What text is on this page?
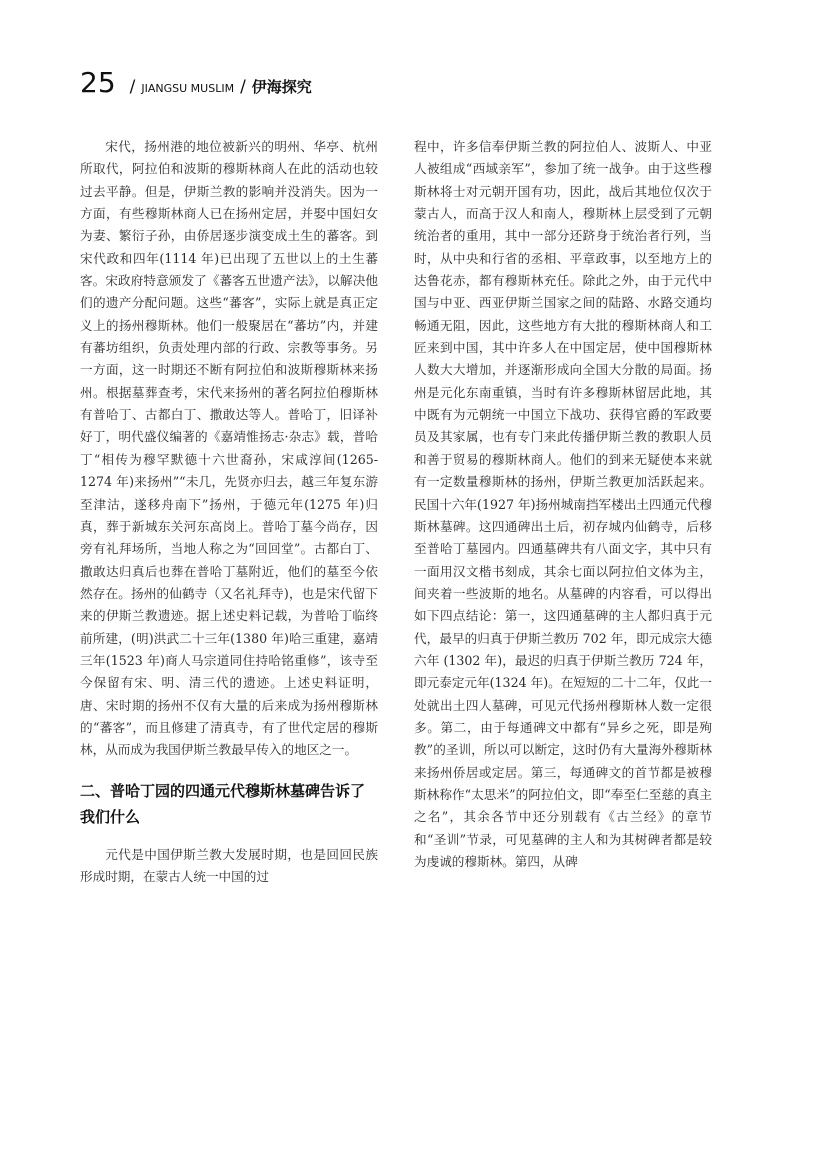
25 / JIANGSU MUSLIM / 伊海探究

宋代，扬州港的地位被新兴的明州、华亭、杭州所取代，阿拉伯和波斯的穆斯林商人在此的活动也较过去平静。但是，伊斯兰教的影响并没消失。因为一方面，有些穆斯林商人已在扬州定居，并娶中国妇女为妻、繁衍子孙，由侨居逐步演变成土生的蕃客。到宋代政和四年(1114 年)已出现了五世以上的土生蕃客。宋政府特意颁发了《蕃客五世遗产法》，以解决他们的遗产分配问题。这些“蕃客”，实际上就是真正定义上的扬州穆斯林。他们一般聚居在“蕃坊”内，并建有蕃坊组织，负责处理内部的行政、宗教等事务。另一方面，这一时期还不断有阿拉伯和波斯穆斯林来扬州。根据墓葬查考，宋代来扬州的著名阿拉伯穆斯林有普哈丁、古都白丁、撒敢达等人。普哈丁，旧译补好丁，明代盛仪编著的《嘉靖惟扬志·杂志》载，普哈丁“相传为穆罕默德十六世裔孙，宋咸淳间(1265- 1274 年)来扬州”“未几，先贤亦归去，越三年复东游至津沽，遂移舟南下”扬州，于德元年(1275 年)归真，葬于新城东关河东高岗上。普哈丁墓今尚存，因旁有礼拜场所，当地人称之为“回回堂”。古都白丁、撒敢达归真后也葬在普哈丁墓附近，他们的墓至今依然存在。扬州的仙鹤寺（又名礼拜寺)，也是宋代留下来的伊斯兰教遗迹。据上述史料记载，为普哈丁临终前所建，(明)洪武二十三年(1380 年)哈三重建，嘉靖三年(1523 年)商人马宗道同住持哈铭重修”，该寺至今保留有宋、明、清三代的遗迹。上述史料证明，唐、宋时期的扬州不仅有大量的后来成为扬州穆斯林的“蕃客”，而且修建了清真寺，有了世代定居的穆斯林，从而成为我国伊斯兰教最早传入的地区之一。

二、普哈丁园的四通元代穆斯林墓碑告诉了我们什么

元代是中国伊斯兰教大发展时期，也是回回民族形成时期，在蒙古人统一中国的过

程中，许多信奉伊斯兰教的阿拉伯人、波斯人、中亚人被组成“西域亲军”，参加了统一战争。由于这些穆斯林将士对元朝开国有功，因此，战后其地位仅次于蒙古人，而高于汉人和南人，穆斯林上层受到了元朝统治者的重用，其中一部分还跻身于统治者行列，当时，从中央和行省的丞相、平章政事，以至地方上的达鲁花赤，都有穆斯林充任。除此之外，由于元代中国与中亚、西亚伊斯兰国家之间的陆路、水路交通均畅通无阻，因此，这些地方有大批的穆斯林商人和工匠来到中国，其中许多人在中国定居，使中国穆斯林人数大大增加，并逐渐形成向全国大分散的局面。扬州是元化东南重镇，当时有许多穆斯林留居此地，其中既有为元朝统一中国立下战功、获得官爵的军政要员及其家属，也有专门来此传播伊斯兰教的教职人员和善于贸易的穆斯林商人。他们的到来无疑使本来就有一定数量穆斯林的扬州，伊斯兰教更加活跃起来。民国十六年(1927 年)扬州城南挡军楼出土四通元代穆斯林墓碑。这四通碑出土后，初存城内仙鹤寺，后移至普哈丁墓园内。四通墓碑共有八面文字，其中只有一面用汉文楷书刻成，其余七面以阿拉伯文体为主，间夹着一些波斯的地名。从墓碑的内容看，可以得出如下四点结论：第一，这四通墓碑的主人都归真于元代，最早的归真于伊斯兰教历 702 年，即元成宗大德六年 (1302 年)，最迟的归真于伊斯兰教历 724 年，即元泰定元年(1324 年)。在短短的二十二年，仅此一处就出土四人墓碑，可见元代扬州穆斯林人数一定很多。第二，由于每通碑文中都有“异乡之死，即是殉教”的圣训，所以可以断定，这时仍有大量海外穆斯林来扬州侨居或定居。第三，每通碑文的首节都是被穆斯林称作“太思米”的阿拉伯文，即“奉至仁至慈的真主之名”，其余各节中还分别载有《古兰经》的章节和“圣训”节录，可见墓碑的主人和为其树碑者都是较为虔诚的穆斯林。第四，从碑
